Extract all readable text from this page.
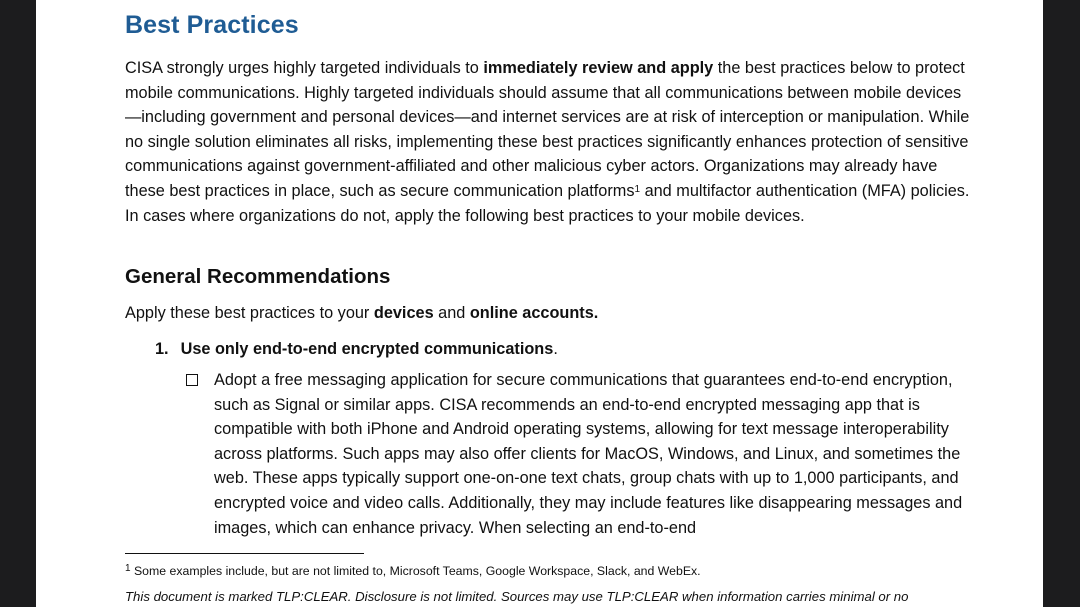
Best Practices

CISA strongly urges highly targeted individuals to immediately review and apply the best practices below to protect mobile communications. Highly targeted individuals should assume that all communications between mobile devices—including government and personal devices—and internet services are at risk of interception or manipulation. While no single solution eliminates all risks, implementing these best practices significantly enhances protection of sensitive communications against government-affiliated and other malicious cyber actors. Organizations may already have these best practices in place, such as secure communication platforms$^1$ and multifactor authentication (MFA) policies. In cases where organizations do not, apply the following best practices to your mobile devices.

General Recommendations

Apply these best practices to your devices and online accounts.

1. Use only end-to-end encrypted communications.

Adopt a free messaging application for secure communications that guarantees end-to-end encryption, such as Signal or similar apps. CISA recommends an end-to-end encrypted messaging app that is compatible with both iPhone and Android operating systems, allowing for text message interoperability across platforms. Such apps may also offer clients for MacOS, Windows, and Linux, and sometimes the web. These apps typically support one-on-one text chats, group chats with up to 1,000 participants, and encrypted voice and video calls. Additionally, they may include features like disappearing messages and images, which can enhance privacy. When selecting an end-to-end

$^1$ Some examples include, but are not limited to, Microsoft Teams, Google Workspace, Slack, and WebEx.

This document is marked TLP:CLEAR. Disclosure is not limited. Sources may use TLP:CLEAR when information carries minimal or no
